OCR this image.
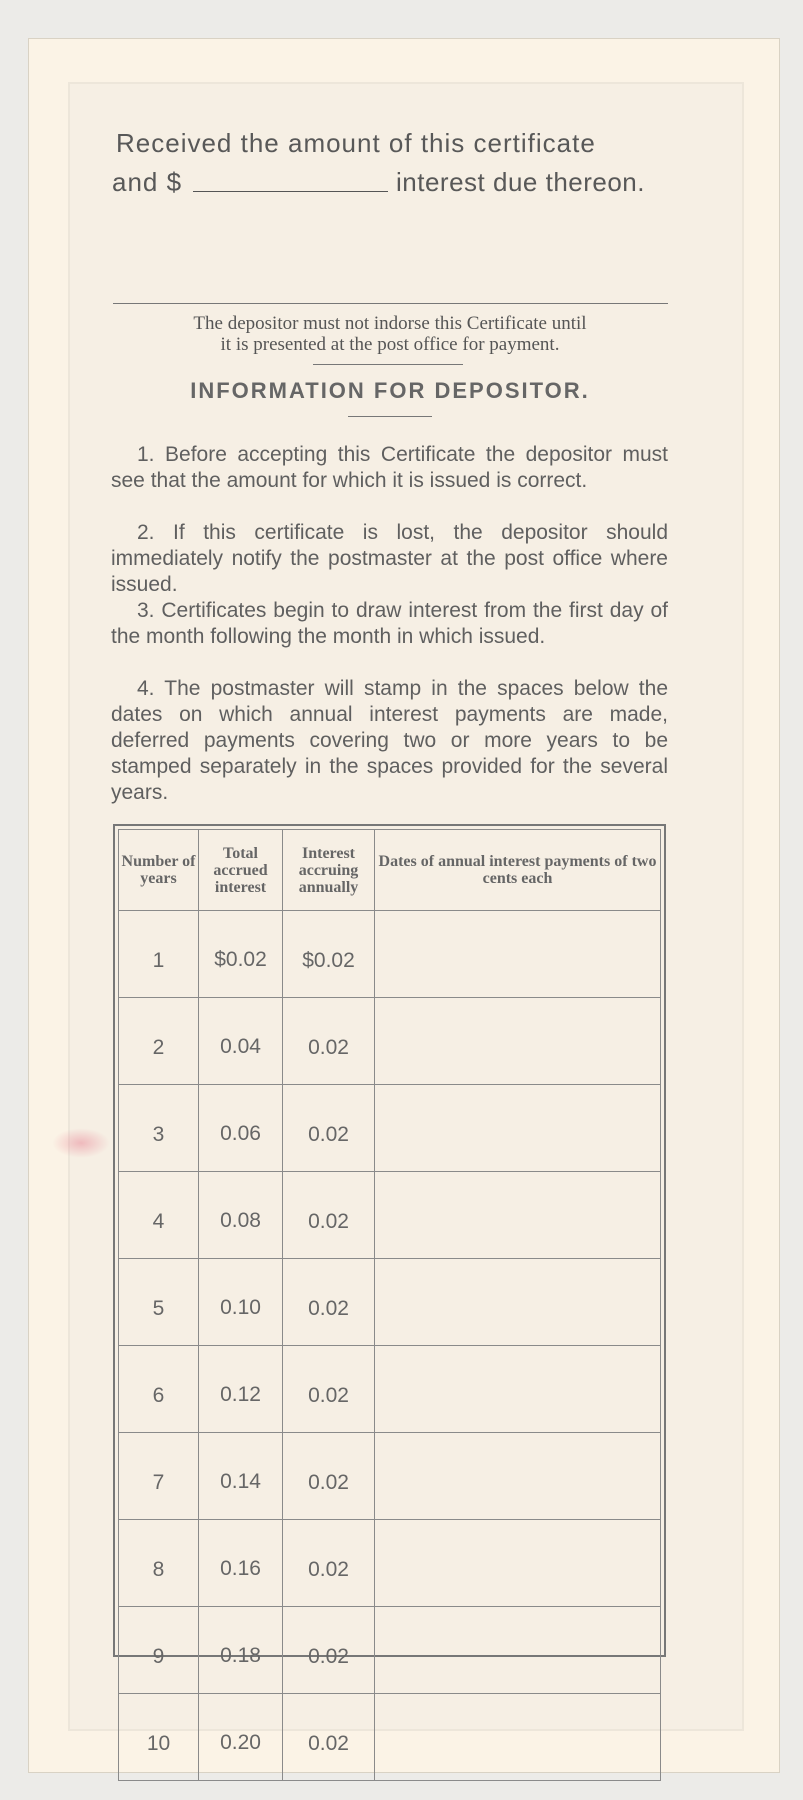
Received the amount of this certificate
and $	interest due thereon.
The depositor must not indorse this Certificate until
it is presented at the post office for payment.
INFORMATION FOR DEPOSITOR.
1. Before accepting this Certificate the depositor must see that the amount for which it is issued is correct.
2. If this certificate is lost, the depositor should immediately notify the postmaster at the post office where issued.
3. Certificates begin to draw interest from the first day of the month following the month in which issued.
4. The postmaster will stamp in the spaces below the dates on which annual interest payments are made, deferred payments covering two or more years to be stamped separately in the spaces provided for the several years.
Number of years	Total accrued interest	Interest accruing annually	Dates of annual interest payments of two cents each
1	$0.02	$0.02	
2	0.04	0.02	
3	0.06	0.02	
4	0.08	0.02	
5	0.10	0.02	
6	0.12	0.02	
7	0.14	0.02	
8	0.16	0.02	
9	0.18	0.02	
10	0.20	0.02	
